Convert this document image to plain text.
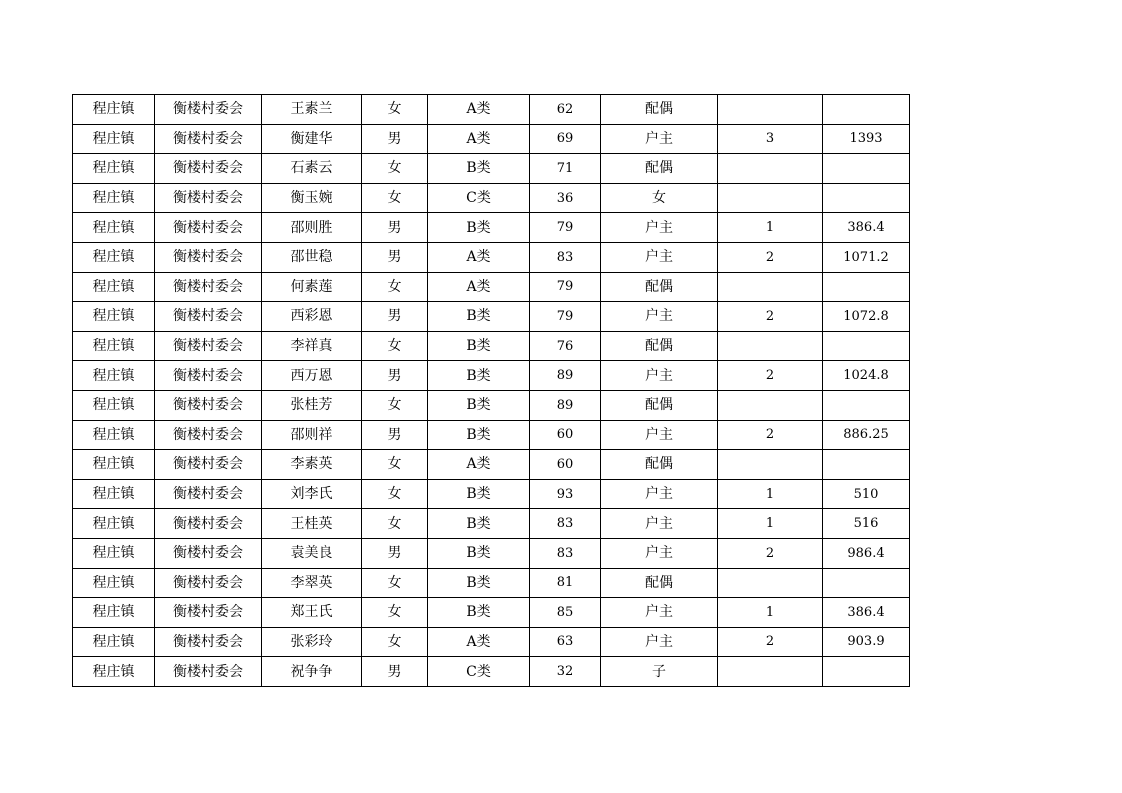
程庄镇	衡楼村委会	王素兰	女	A类	62	配偶		
程庄镇	衡楼村委会	衡建华	男	A类	69	户主	3	1393
程庄镇	衡楼村委会	石素云	女	B类	71	配偶		
程庄镇	衡楼村委会	衡玉婉	女	C类	36	女		
程庄镇	衡楼村委会	邵则胜	男	B类	79	户主	1	386.4
程庄镇	衡楼村委会	邵世稳	男	A类	83	户主	2	1071.2
程庄镇	衡楼村委会	何素莲	女	A类	79	配偶		
程庄镇	衡楼村委会	西彩恩	男	B类	79	户主	2	1072.8
程庄镇	衡楼村委会	李祥真	女	B类	76	配偶		
程庄镇	衡楼村委会	西万恩	男	B类	89	户主	2	1024.8
程庄镇	衡楼村委会	张桂芳	女	B类	89	配偶		
程庄镇	衡楼村委会	邵则祥	男	B类	60	户主	2	886.25
程庄镇	衡楼村委会	李素英	女	A类	60	配偶		
程庄镇	衡楼村委会	刘李氏	女	B类	93	户主	1	510
程庄镇	衡楼村委会	王桂英	女	B类	83	户主	1	516
程庄镇	衡楼村委会	袁美良	男	B类	83	户主	2	986.4
程庄镇	衡楼村委会	李翠英	女	B类	81	配偶		
程庄镇	衡楼村委会	郑王氏	女	B类	85	户主	1	386.4
程庄镇	衡楼村委会	张彩玲	女	A类	63	户主	2	903.9
程庄镇	衡楼村委会	祝争争	男	C类	32	子		
